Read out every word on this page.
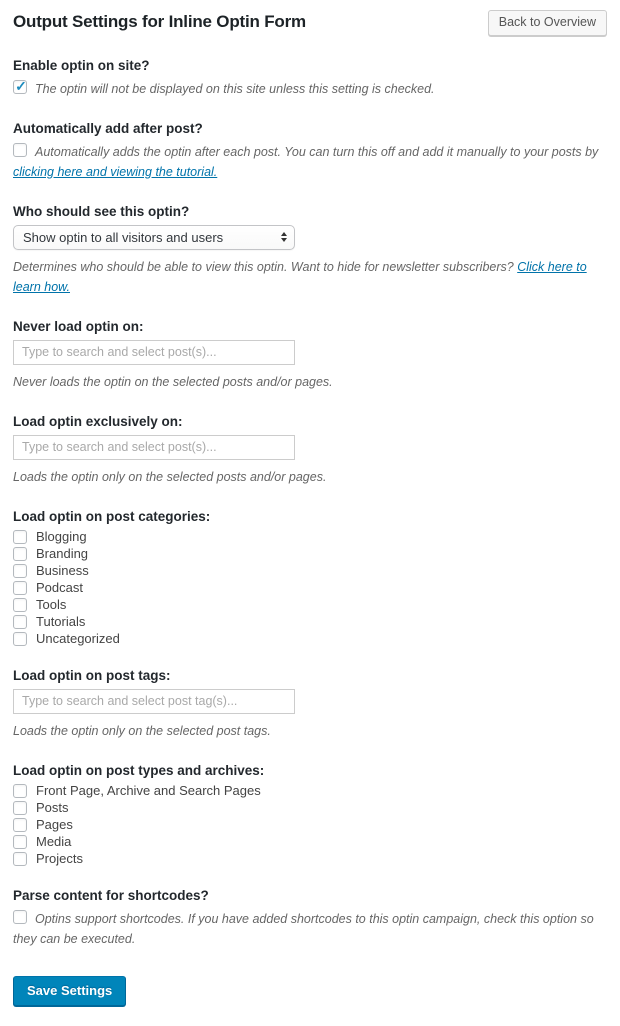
Output Settings for Inline Optin Form	Back to Overview
Enable optin on site?
✓ The optin will not be displayed on this site unless this setting is checked.
Automatically add after post?
Automatically adds the optin after each post. You can turn this off and add it manually to your posts by clicking here and viewing the tutorial.
Who should see this optin?
Show optin to all visitors and users
Determines who should be able to view this optin. Want to hide for newsletter subscribers? Click here to learn how.
Never load optin on:
Type to search and select post(s)...
Never loads the optin on the selected posts and/or pages.
Load optin exclusively on:
Type to search and select post(s)...
Loads the optin only on the selected posts and/or pages.
Load optin on post categories:
Blogging
Branding
Business
Podcast
Tools
Tutorials
Uncategorized
Load optin on post tags:
Type to search and select post tag(s)...
Loads the optin only on the selected post tags.
Load optin on post types and archives:
Front Page, Archive and Search Pages
Posts
Pages
Media
Projects
Parse content for shortcodes?
Optins support shortcodes. If you have added shortcodes to this optin campaign, check this option so they can be executed.
Save Settings
